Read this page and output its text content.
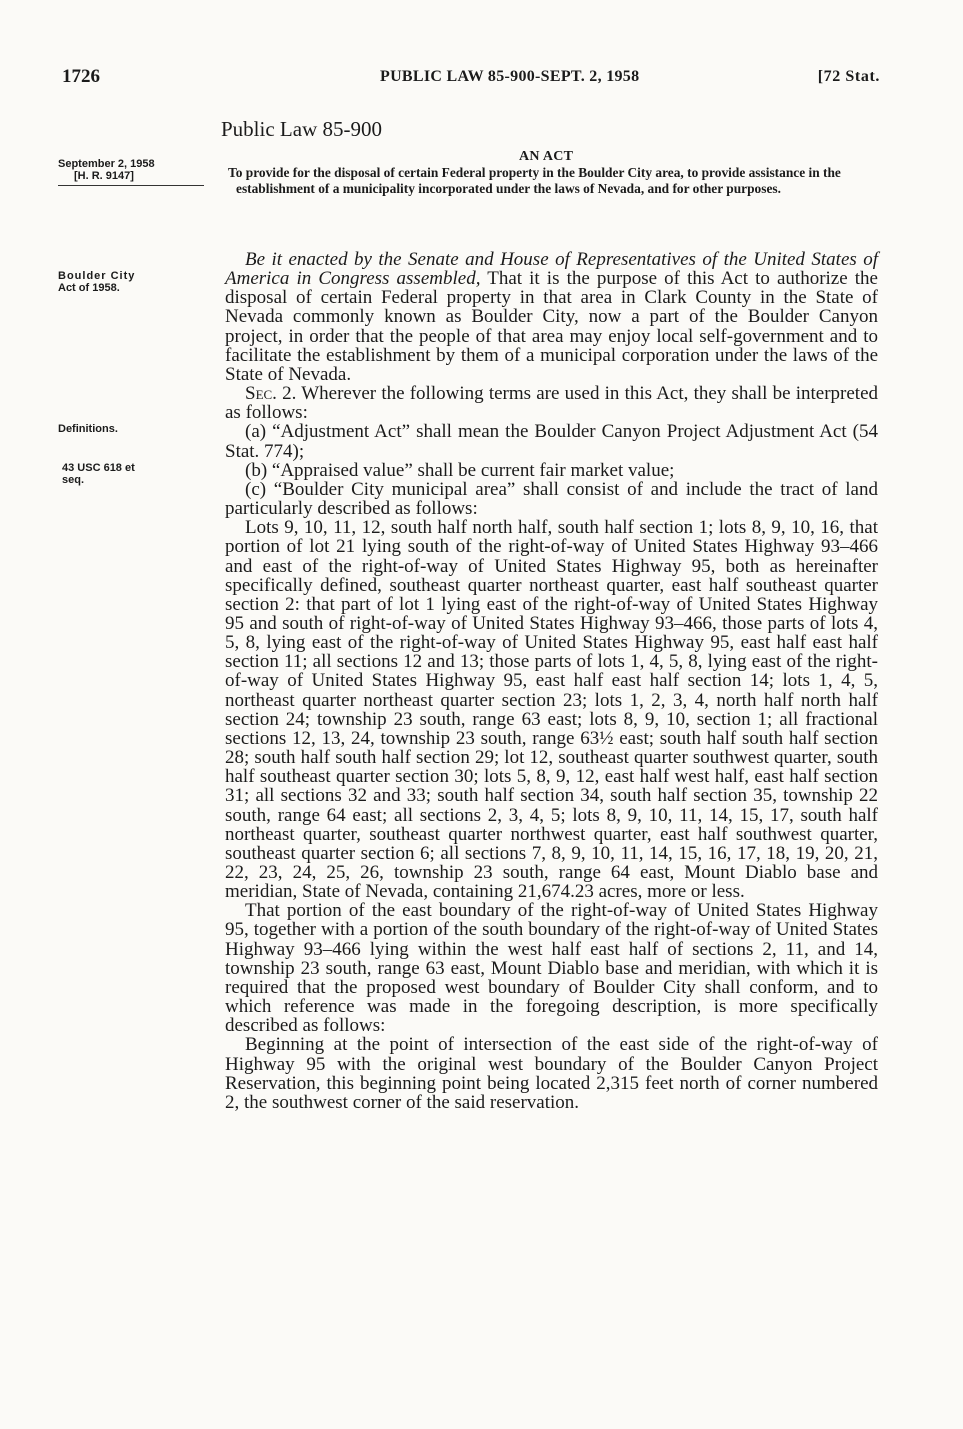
1726	PUBLIC LAW 85-900-SEPT. 2, 1958	[72 Stat.
Public Law 85-900
AN ACT
To provide for the disposal of certain Federal property in the Boulder City area, to provide assistance in the establishment of a municipality incorporated under the laws of Nevada, and for other purposes.
September 2, 1958
[H. R. 9147]
Boulder City
Act of 1958.
Definitions.
43 USC 618 et
seq.

Be it enacted by the Senate and House of Representatives of the United States of America in Congress assembled, That it is the purpose of this Act to authorize the disposal of certain Federal property in that area in Clark County in the State of Nevada commonly known as Boulder City, now a part of the Boulder Canyon project, in order that the people of that area may enjoy local self-government and to facilitate the establishment by them of a municipal corporation under the laws of the State of Nevada.

Sec. 2. Wherever the following terms are used in this Act, they shall be interpreted as follows:

(a) “Adjustment Act” shall mean the Boulder Canyon Project Adjustment Act (54 Stat. 774);

(b) “Appraised value” shall be current fair market value;

(c) “Boulder City municipal area” shall consist of and include the tract of land particularly described as follows:

Lots 9, 10, 11, 12, south half north half, south half section 1; lots 8, 9, 10, 16, that portion of lot 21 lying south of the right-of-way of United States Highway 93–466 and east of the right-of-way of United States Highway 95, both as hereinafter specifically defined, southeast quarter northeast quarter, east half southeast quarter section 2: that part of lot 1 lying east of the right-of-way of United States Highway 95 and south of right-of-way of United States Highway 93–466, those parts of lots 4, 5, 8, lying east of the right-of-way of United States Highway 95, east half east half section 11; all sections 12 and 13; those parts of lots 1, 4, 5, 8, lying east of the right-of-way of United States Highway 95, east half east half section 14; lots 1, 4, 5, northeast quarter northeast quarter section 23; lots 1, 2, 3, 4, north half north half section 24; township 23 south, range 63 east; lots 8, 9, 10, section 1; all fractional sections 12, 13, 24, township 23 south, range 63½ east; south half south half section 28; south half south half section 29; lot 12, southeast quarter southwest quarter, south half southeast quarter section 30; lots 5, 8, 9, 12, east half west half, east half section 31; all sections 32 and 33; south half section 34, south half section 35, township 22 south, range 64 east; all sections 2, 3, 4, 5; lots 8, 9, 10, 11, 14, 15, 17, south half northeast quarter, southeast quarter northwest quarter, east half southwest quarter, southeast quarter section 6; all sections 7, 8, 9, 10, 11, 14, 15, 16, 17, 18, 19, 20, 21, 22, 23, 24, 25, 26, township 23 south, range 64 east, Mount Diablo base and meridian, State of Nevada, containing 21,674.23 acres, more or less.

That portion of the east boundary of the right-of-way of United States Highway 95, together with a portion of the south boundary of the right-of-way of United States Highway 93–466 lying within the west half east half of sections 2, 11, and 14, township 23 south, range 63 east, Mount Diablo base and meridian, with which it is required that the proposed west boundary of Boulder City shall conform, and to which reference was made in the foregoing description, is more specifically described as follows:

Beginning at the point of intersection of the east side of the right-of-way of Highway 95 with the original west boundary of the Boulder Canyon Project Reservation, this beginning point being located 2,315 feet north of corner numbered 2, the southwest corner of the said reservation.
